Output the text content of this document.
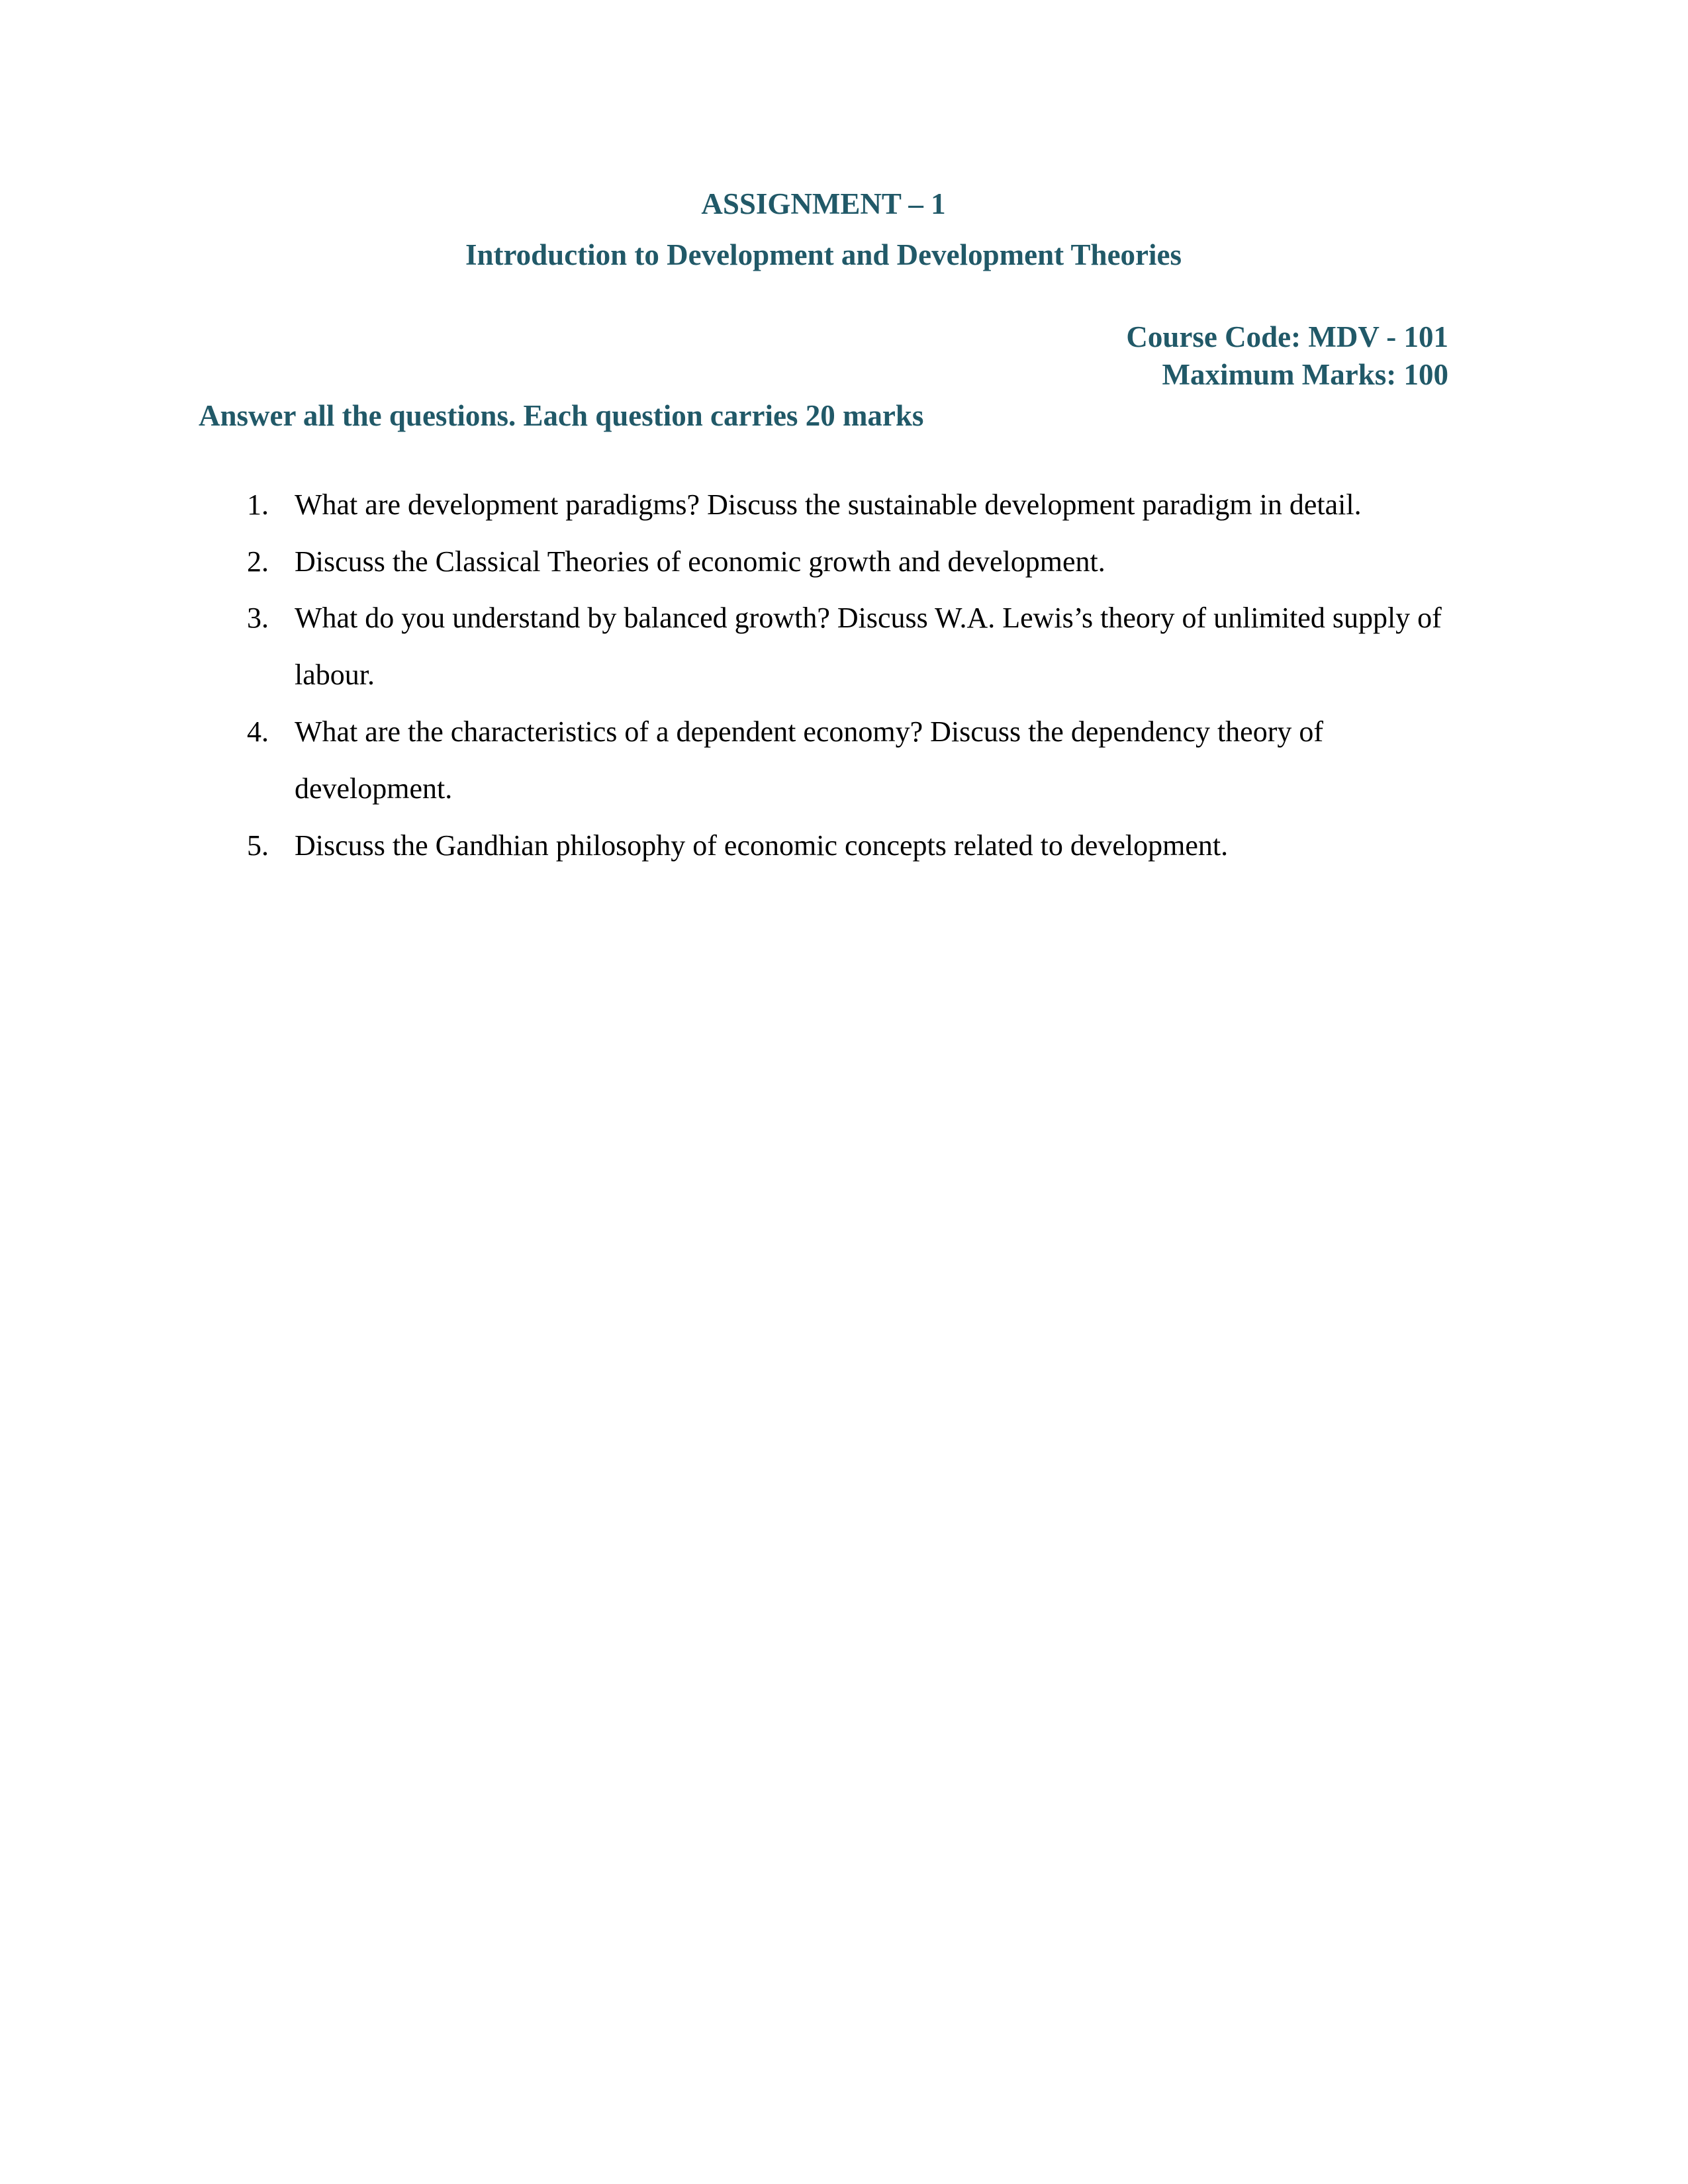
ASSIGNMENT – 1
Introduction to Development and Development Theories
Course Code: MDV - 101
Maximum Marks: 100
Answer all the questions. Each question carries 20 marks
What are development paradigms? Discuss the sustainable development paradigm in detail.
Discuss the Classical Theories of economic growth and development.
What do you understand by balanced growth? Discuss W.A. Lewis’s theory of unlimited supply of labour.
What are the characteristics of a dependent economy? Discuss the dependency theory of development.
Discuss the Gandhian philosophy of economic concepts related to development.
